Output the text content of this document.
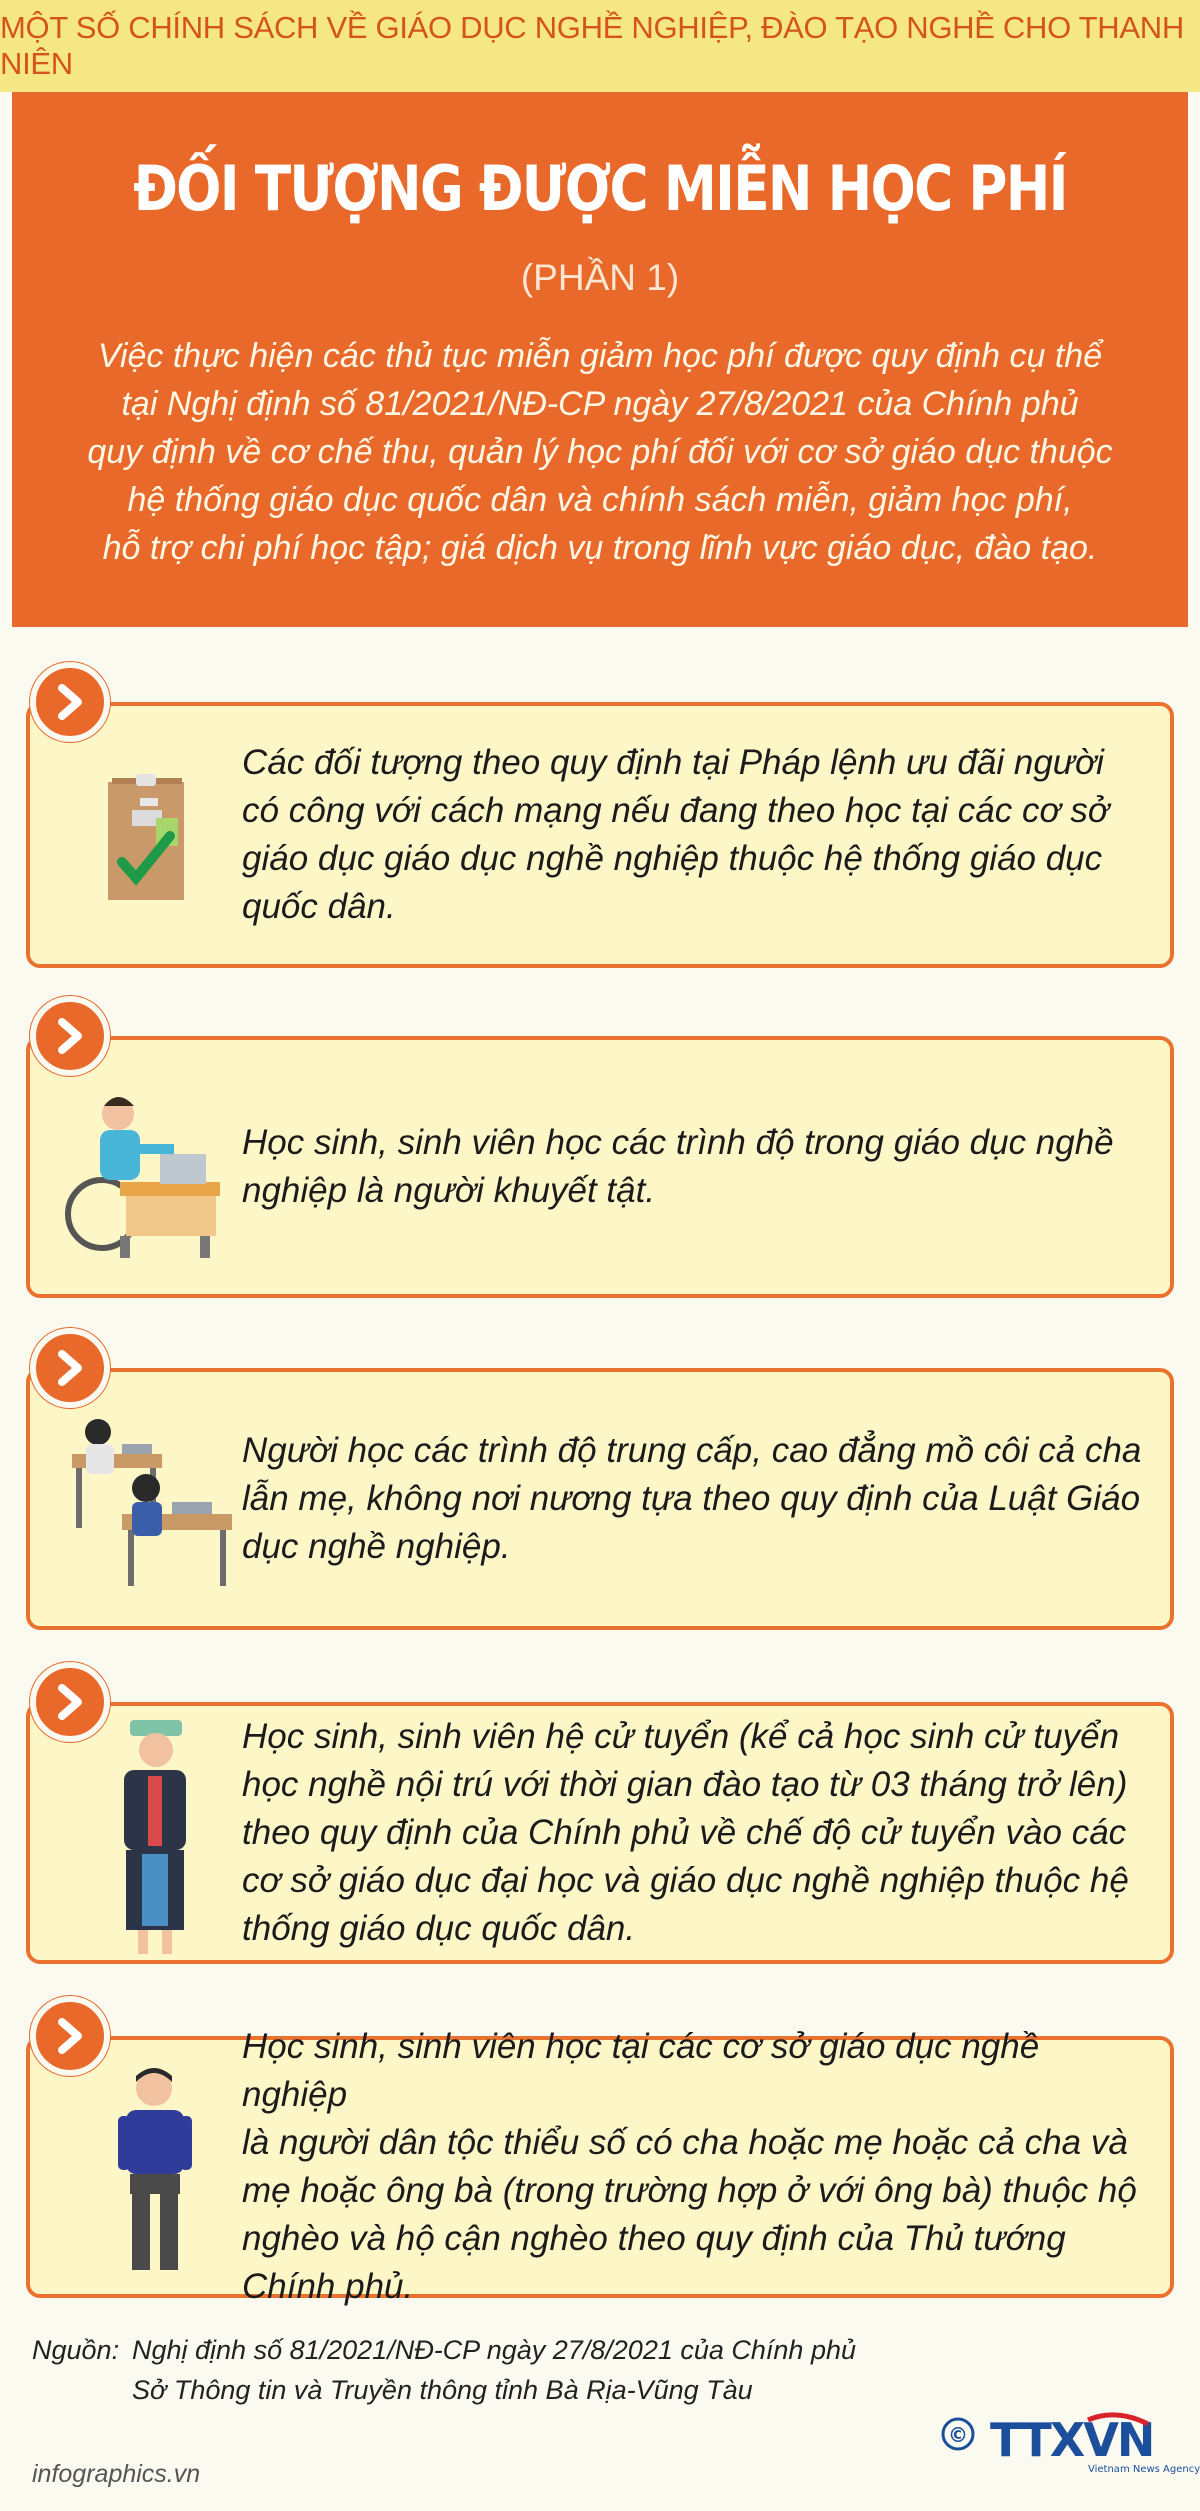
MỘT SỐ CHÍNH SÁCH VỀ GIÁO DỤC NGHỀ NGHIỆP, ĐÀO TẠO NGHỀ CHO THANH NIÊN
ĐỐI TƯỢNG ĐƯỢC MIỄN HỌC PHÍ
(PHẦN 1)
Việc thực hiện các thủ tục miễn giảm học phí được quy định cụ thể
tại Nghị định số 81/2021/NĐ-CP ngày 27/8/2021 của Chính phủ
quy định về cơ chế thu, quản lý học phí đối với cơ sở giáo dục thuộc
hệ thống giáo dục quốc dân và chính sách miễn, giảm học phí,
hỗ trợ chi phí học tập; giá dịch vụ trong lĩnh vực giáo dục, đào tạo.
Các đối tượng theo quy định tại Pháp lệnh ưu đãi người
có công với cách mạng nếu đang theo học tại các cơ sở
giáo dục giáo dục nghề nghiệp thuộc hệ thống giáo dục
quốc dân.
Học sinh, sinh viên học các trình độ trong giáo dục nghề
nghiệp là người khuyết tật.
Người học các trình độ trung cấp, cao đẳng mồ côi cả cha
lẫn mẹ, không nơi nương tựa theo quy định của Luật Giáo
dục nghề nghiệp.
Học sinh, sinh viên hệ cử tuyển (kể cả học sinh cử tuyển
học nghề nội trú với thời gian đào tạo từ 03 tháng trở lên)
theo quy định của Chính phủ về chế độ cử tuyển vào các
cơ sở giáo dục đại học và giáo dục nghề nghiệp thuộc hệ
thống giáo dục quốc dân.
Học sinh, sinh viên học tại các cơ sở giáo dục nghề nghiệp
là người dân tộc thiểu số có cha hoặc mẹ hoặc cả cha và
mẹ hoặc ông bà (trong trường hợp ở với ông bà) thuộc hộ
nghèo và hộ cận nghèo theo quy định của Thủ tướng
Chính phủ.
Nguồn: Nghị định số 81/2021/NĐ-CP ngày 27/8/2021 của Chính phủ
Sở Thông tin và Truyền thông tỉnh Bà Rịa-Vũng Tàu
infographics.vn
© TTXVN
Vietnam News Agency
